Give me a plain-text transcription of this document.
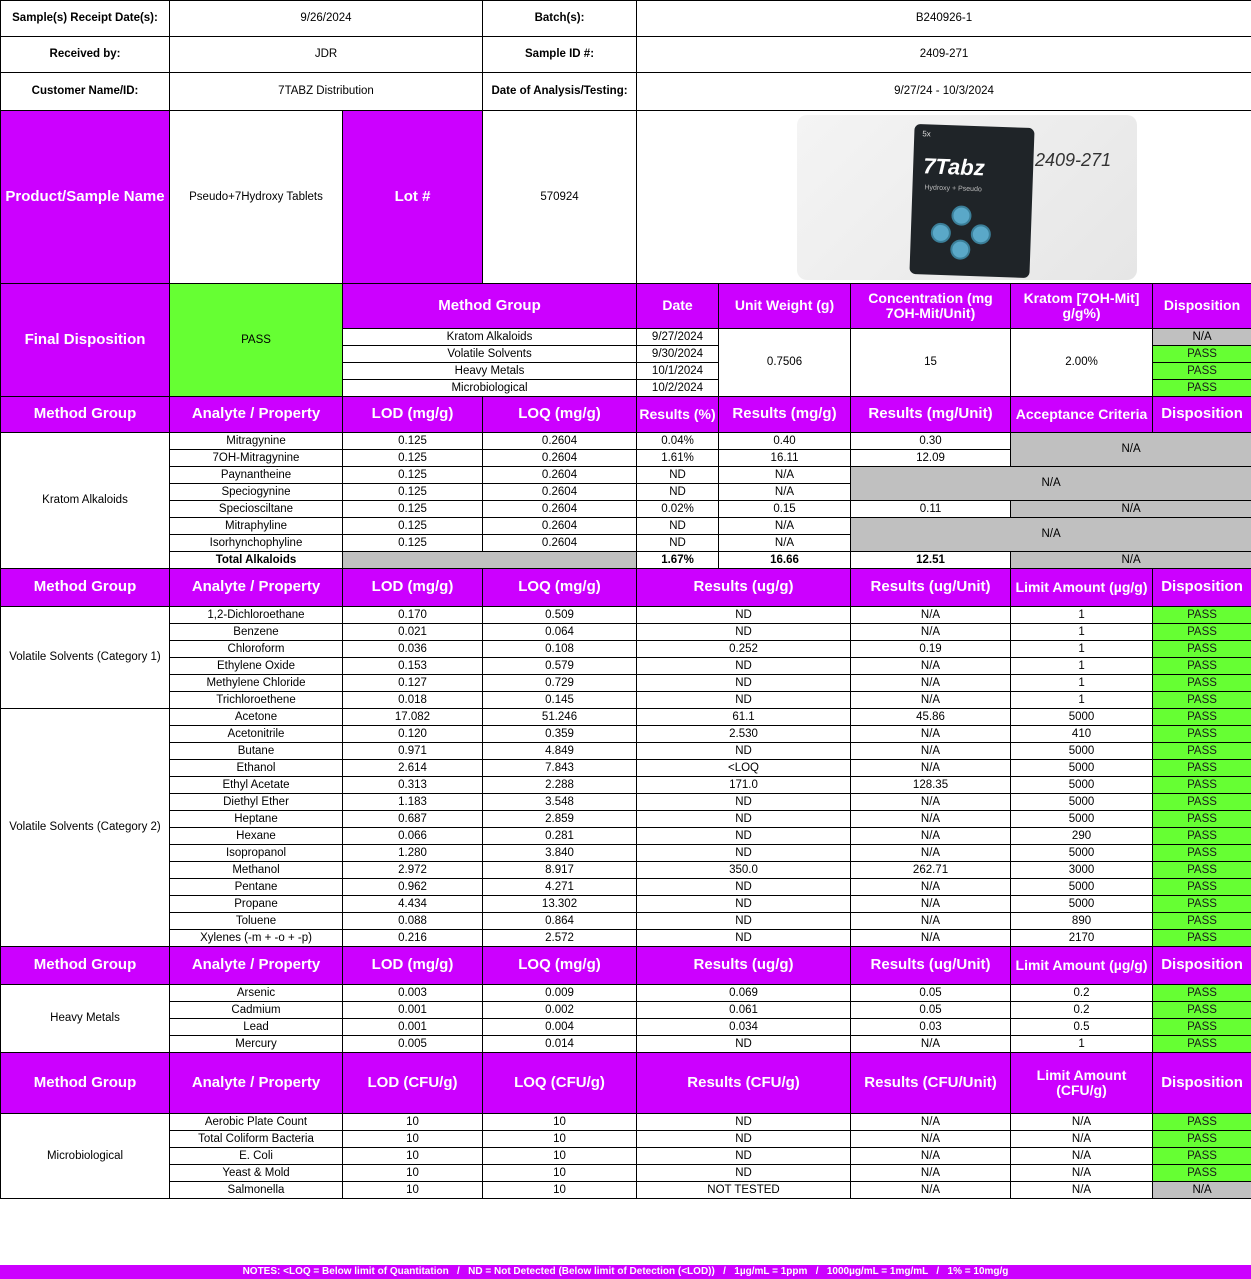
Sample(s) Receipt Date(s):	9/26/2024		Batch(s):	B240926-1				
Received by:	JDR		Sample ID #:	2409-271				
Customer Name/ID:	7TABZ Distribution		Date of Analysis/Testing:	9/27/24 - 10/3/2024				
Product/Sample Name	Pseudo+7Hydroxy Tablets	Lot #	570924	7Tabz
Hydroxy + Pseudo
5x
2409-271				

Final Disposition	PASS	Method Group		Date	Unit Weight (g)	Concentration (mg 7OH-Mit/Unit)	Kratom [7OH-Mit] g/g%)	Disposition
		Kratom Alkaloids		9/27/2024	0.7506	15	2.00%	N/A
		Volatile Solvents		9/30/2024				PASS
		Heavy Metals		10/1/2024				PASS
		Microbiological		10/2/2024				PASS
Method Group	Analyte / Property	LOD (mg/g)	LOQ (mg/g)	Results (%)	Results (mg/g)	Results (mg/Unit)	Acceptance Criteria	Disposition
Kratom Alkaloids	Mitragynine	0.125	0.2604	0.04%	0.40	0.30	N/A	
	7OH-Mitragynine	0.125	0.2604	1.61%	16.11	12.09		
	Paynantheine	0.125	0.2604	ND	N/A	N/A		
	Speciogynine	0.125	0.2604	ND	N/A			
	Speciosciltane	0.125	0.2604	0.02%	0.15	0.11	N/A	
	Mitraphyline	0.125	0.2604	ND	N/A	N/A		
	Isorhynchophyline	0.125	0.2604	ND	N/A			
	Total Alkaloids			1.67%	16.66	12.51	N/A	
Method Group	Analyte / Property	LOD (mg/g)	LOQ (mg/g)	Results (ug/g)		Results (ug/Unit)	Limit Amount (µg/g)	Disposition
Volatile Solvents (Category 1)	1,2-Dichloroethane	0.170	0.509	ND		N/A	1	PASS
	Benzene	0.021	0.064	ND		N/A	1	PASS
	Chloroform	0.036	0.108	0.252		0.19	1	PASS
	Ethylene Oxide	0.153	0.579	ND		N/A	1	PASS
	Methylene Chloride	0.127	0.729	ND		N/A	1	PASS
	Trichloroethene	0.018	0.145	ND		N/A	1	PASS
Volatile Solvents (Category 2)	Acetone	17.082	51.246	61.1		45.86	5000	PASS
	Acetonitrile	0.120	0.359	2.530		N/A	410	PASS
	Butane	0.971	4.849	ND		N/A	5000	PASS
	Ethanol	2.614	7.843	<LOQ		N/A	5000	PASS
	Ethyl Acetate	0.313	2.288	171.0		128.35	5000	PASS
	Diethyl Ether	1.183	3.548	ND		N/A	5000	PASS
	Heptane	0.687	2.859	ND		N/A	5000	PASS
	Hexane	0.066	0.281	ND		N/A	290	PASS
	Isopropanol	1.280	3.840	ND		N/A	5000	PASS
	Methanol	2.972	8.917	350.0		262.71	3000	PASS
	Pentane	0.962	4.271	ND		N/A	5000	PASS
	Propane	4.434	13.302	ND		N/A	5000	PASS
	Toluene	0.088	0.864	ND		N/A	890	PASS
	Xylenes (-m + -o + -p)	0.216	2.572	ND		N/A	2170	PASS
Method Group	Analyte / Property	LOD (mg/g)	LOQ (mg/g)	Results (ug/g)		Results (ug/Unit)	Limit Amount (µg/g)	Disposition
Heavy Metals	Arsenic	0.003	0.009	0.069		0.05	0.2	PASS
	Cadmium	0.001	0.002	0.061		0.05	0.2	PASS
	Lead	0.001	0.004	0.034		0.03	0.5	PASS
	Mercury	0.005	0.014	ND		N/A	1	PASS
Method Group	Analyte / Property	LOD (CFU/g)	LOQ (CFU/g)	Results (CFU/g)		Results (CFU/Unit)	Limit Amount (CFU/g)	Disposition
Microbiological	Aerobic Plate Count	10	10	ND		N/A	N/A	PASS
	Total Coliform Bacteria	10	10	ND		N/A	N/A	PASS
	E. Coli	10	10	ND		N/A	N/A	PASS
	Yeast & Mold	10	10	ND		N/A	N/A	PASS
	Salmonella	10	10	NOT TESTED		N/A	N/A	N/A
NOTES: <LOQ = Below limit of Quantitation   /   ND = Not Detected (Below limit of Detection (<LOD))   /   1µg/mL = 1ppm   /   1000µg/mL = 1mg/mL   /   1% = 10mg/g
